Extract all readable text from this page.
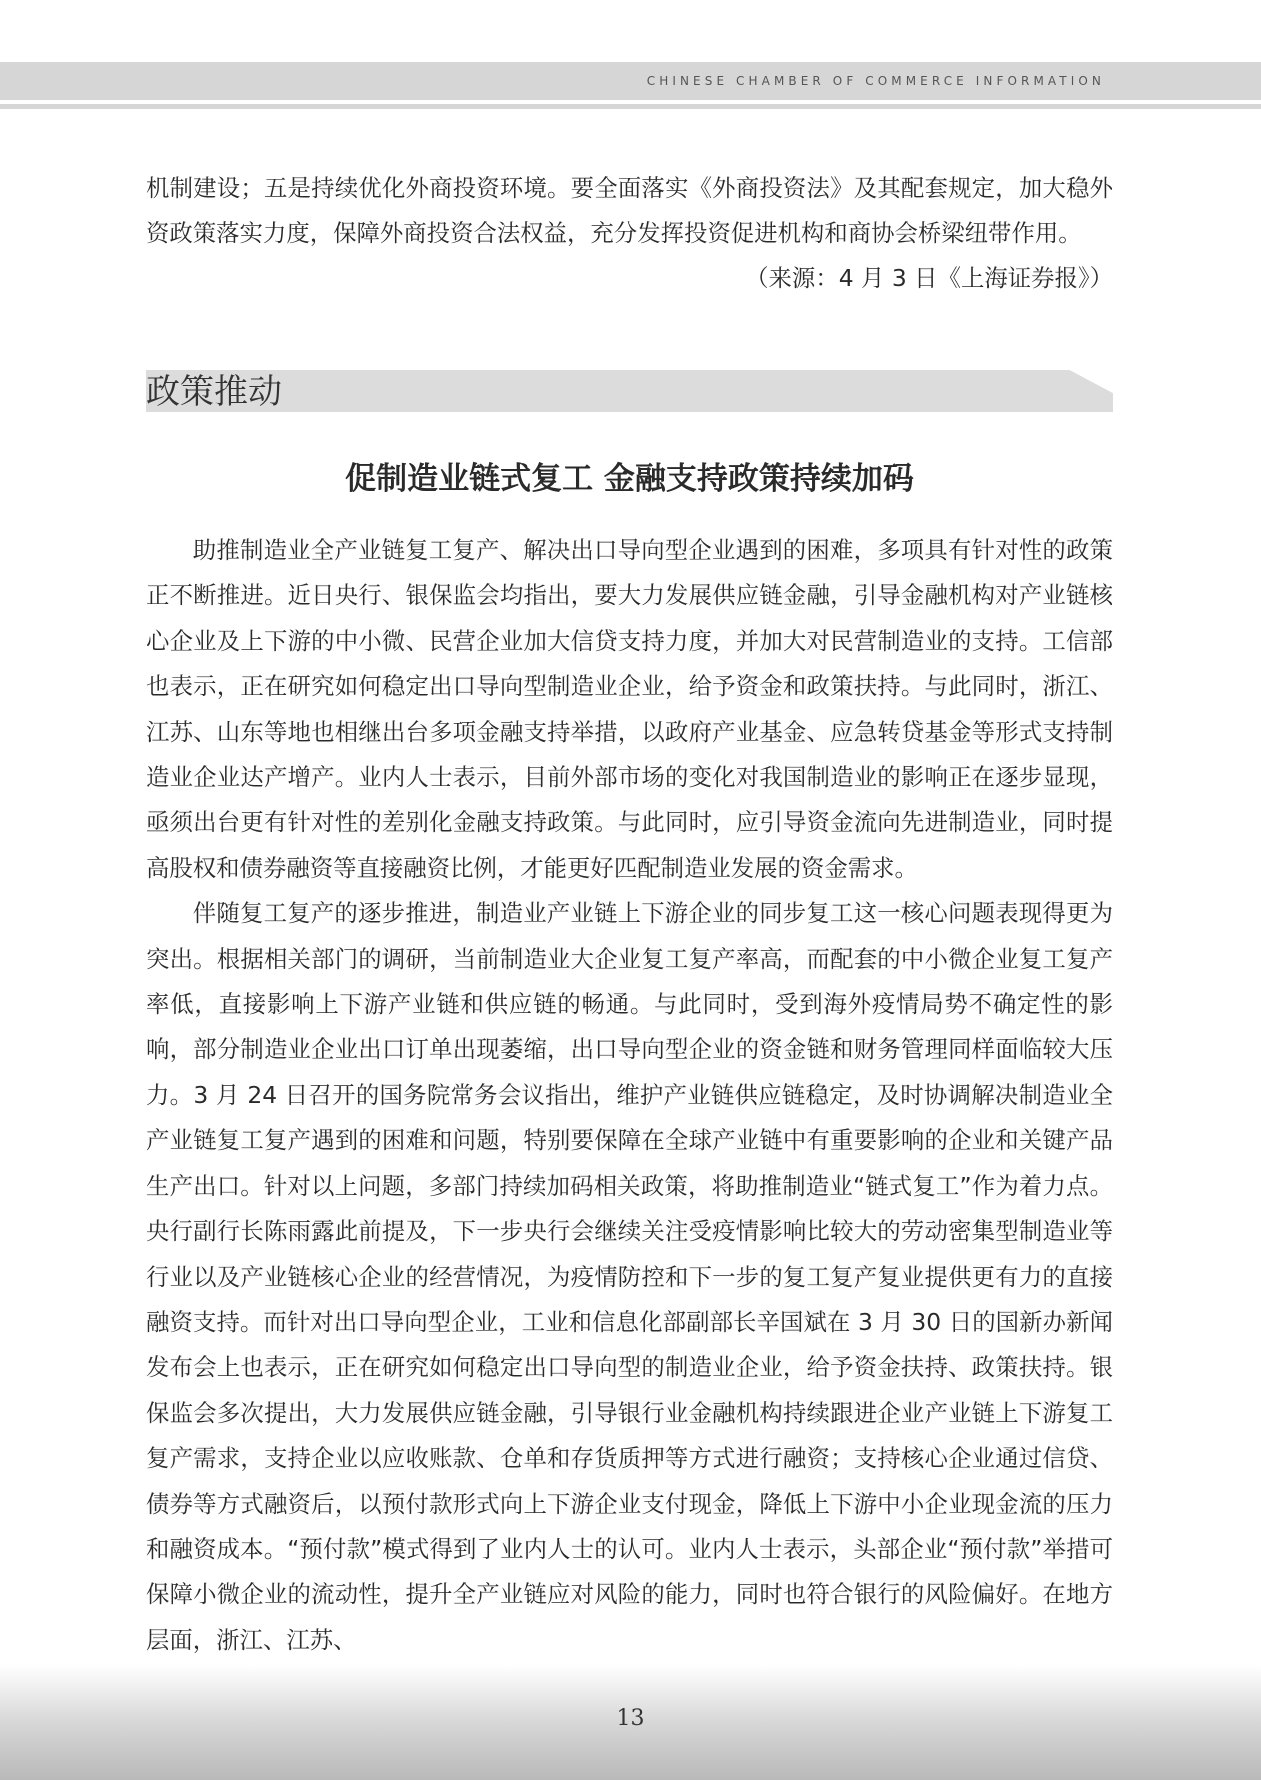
CHINESE CHAMBER OF COMMERCE INFORMATION

机制建设；五是持续优化外商投资环境。要全面落实《外商投资法》及其配套规定，加大稳外资政策落实力度，保障外商投资合法权益，充分发挥投资促进机构和商协会桥梁纽带作用。

（来源：4 月 3 日《上海证券报》）

政策推动
促制造业链式复工 金融支持政策持续加码

助推制造业全产业链复工复产、解决出口导向型企业遇到的困难，多项具有针对性的政策正不断推进。近日央行、银保监会均指出，要大力发展供应链金融，引导金融机构对产业链核心企业及上下游的中小微、民营企业加大信贷支持力度，并加大对民营制造业的支持。工信部也表示，正在研究如何稳定出口导向型制造业企业，给予资金和政策扶持。与此同时，浙江、江苏、山东等地也相继出台多项金融支持举措，以政府产业基金、应急转贷基金等形式支持制造业企业达产增产。业内人士表示，目前外部市场的变化对我国制造业的影响正在逐步显现，亟须出台更有针对性的差别化金融支持政策。与此同时，应引导资金流向先进制造业，同时提高股权和债券融资等直接融资比例，才能更好匹配制造业发展的资金需求。

伴随复工复产的逐步推进，制造业产业链上下游企业的同步复工这一核心问题表现得更为突出。根据相关部门的调研，当前制造业大企业复工复产率高，而配套的中小微企业复工复产率低，直接影响上下游产业链和供应链的畅通。与此同时，受到海外疫情局势不确定性的影响，部分制造业企业出口订单出现萎缩，出口导向型企业的资金链和财务管理同样面临较大压力。3 月 24 日召开的国务院常务会议指出，维护产业链供应链稳定，及时协调解决制造业全产业链复工复产遇到的困难和问题，特别要保障在全球产业链中有重要影响的企业和关键产品生产出口。针对以上问题，多部门持续加码相关政策，将助推制造业“链式复工”作为着力点。央行副行长陈雨露此前提及，下一步央行会继续关注受疫情影响比较大的劳动密集型制造业等行业以及产业链核心企业的经营情况，为疫情防控和下一步的复工复产复业提供更有力的直接融资支持。而针对出口导向型企业，工业和信息化部副部长辛国斌在 3 月 30 日的国新办新闻发布会上也表示，正在研究如何稳定出口导向型的制造业企业，给予资金扶持、政策扶持。银保监会多次提出，大力发展供应链金融，引导银行业金融机构持续跟进企业产业链上下游复工复产需求，支持企业以应收账款、仓单和存货质押等方式进行融资；支持核心企业通过信贷、债券等方式融资后，以预付款形式向上下游企业支付现金，降低上下游中小企业现金流的压力和融资成本。“预付款”模式得到了业内人士的认可。业内人士表示，头部企业“预付款”举措可保障小微企业的流动性，提升全产业链应对风险的能力，同时也符合银行的风险偏好。在地方层面，浙江、江苏、

13
